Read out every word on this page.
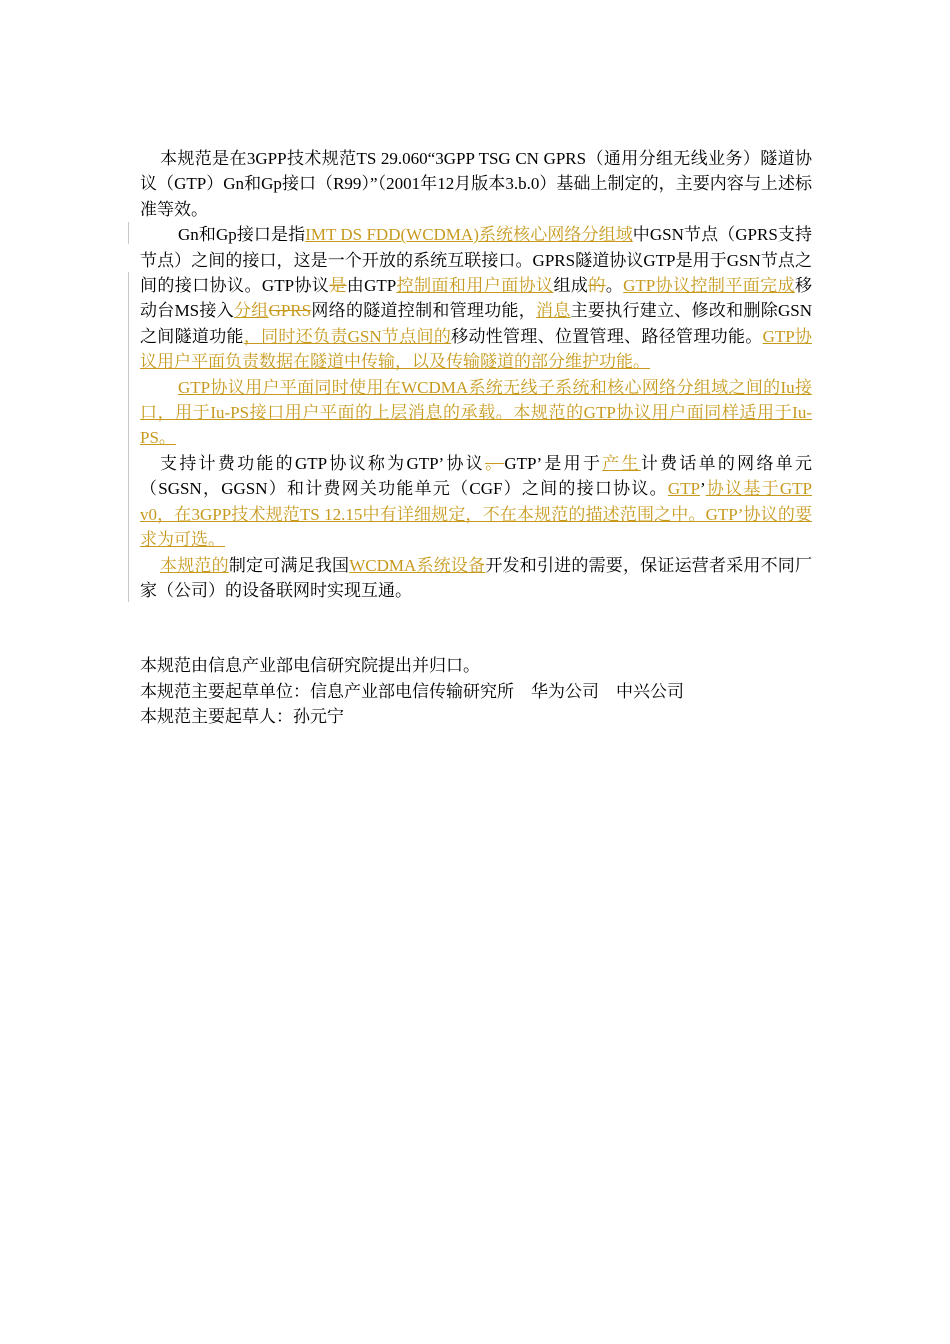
本规范是在3GPP技术规范TS 29.060“3GPP TSG CN GPRS（通用分组无线业务）隧道协议（GTP）Gn和Gp接口（R99）”（2001年12月版本3.b.0）基础上制定的，主要内容与上述标准等效。

Gn和Gp接口是指IMT DS FDD(WCDMA)系统核心网络分组域中GSN节点（GPRS支持节点）之间的接口，这是一个开放的系统互联接口。GPRS隧道协议GTP是用于GSN节点之间的接口协议。GTP协议是由GTP控制面和用户面协议组成的。GTP协议控制平面完成移动台MS接入分组GPRS网络的隧道控制和管理功能，消息主要执行建立、修改和删除GSN之间隧道功能，同时还负责GSN节点间的移动性管理、位置管理、路径管理功能。GTP协议用户平面负责数据在隧道中传输，以及传输隧道的部分维护功能。

GTP协议用户平面同时使用在WCDMA系统无线子系统和核心网络分组域之间的Iu接口，用于Iu-PS接口用户平面的上层消息的承载。本规范的GTP协议用户面同样适用于Iu-PS。

支持计费功能的GTP协议称为GTP’协议。GTP’是用于产生计费话单的网络单元（SGSN，GGSN）和计费网关功能单元（CGF）之间的接口协议。GTP’协议基于GTP v0，在3GPP技术规范TS 12.15中有详细规定，不在本规范的描述范围之中。GTP’协议的要求为可选。

本规范的制定可满足我国WCDMA系统设备开发和引进的需要，保证运营者采用不同厂家（公司）的设备联网时实现互通。

本规范由信息产业部电信研究院提出并归口。

本规范主要起草单位：信息产业部电信传输研究所　华为公司　中兴公司

本规范主要起草人：孙元宁
